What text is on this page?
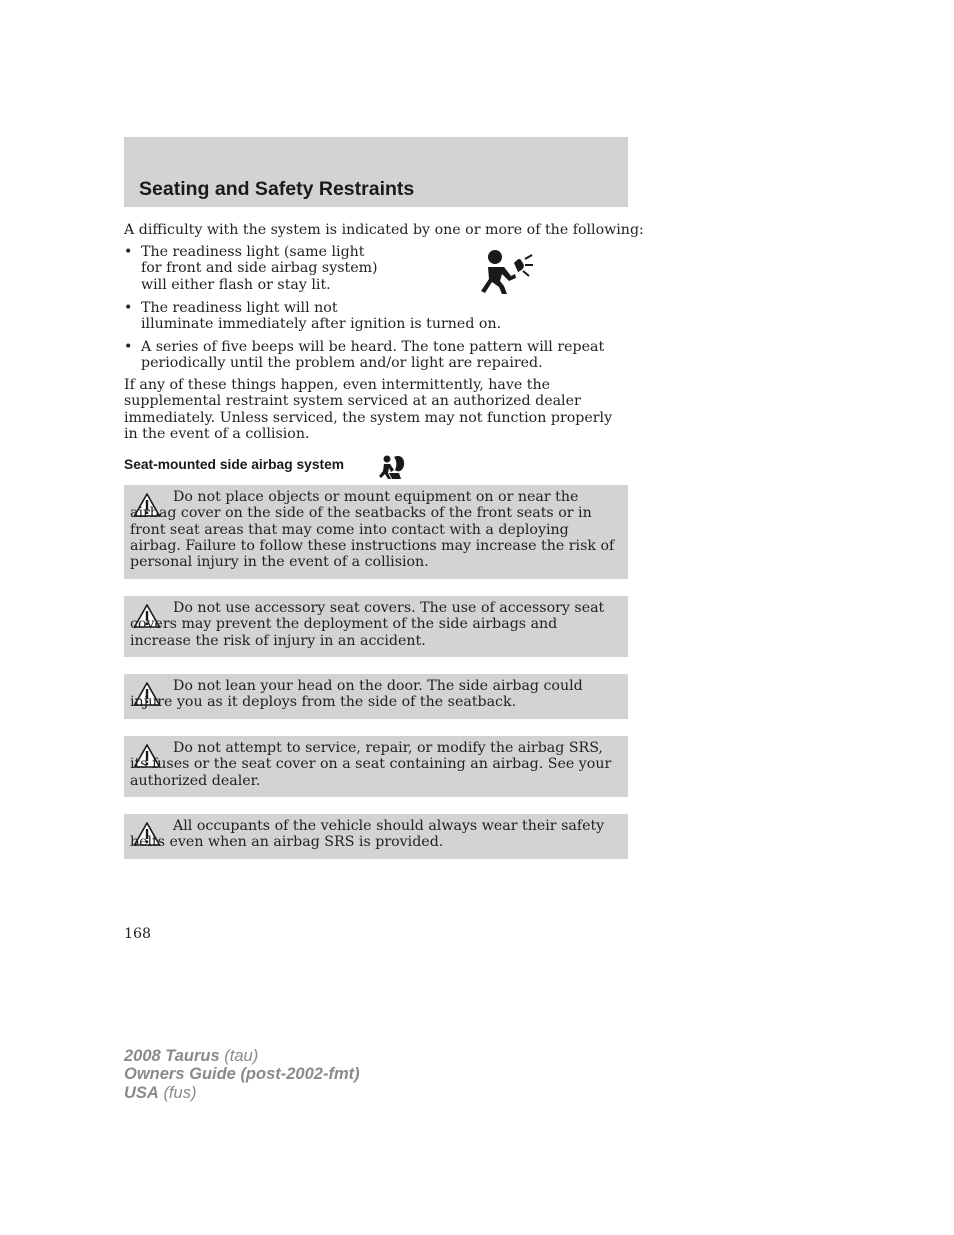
Seating and Safety Restraints
A difficulty with the system is indicated by one or more of the following:
• The readiness light (same light
for front and side airbag system)
will either flash or stay lit.
• The readiness light will not
illuminate immediately after ignition is turned on.
• A series of five beeps will be heard. The tone pattern will repeat
periodically until the problem and/or light are repaired.
If any of these things happen, even intermittently, have the supplemental restraint system serviced at an authorized dealer immediately. Unless serviced, the system may not function properly in the event of a collision.
Seat-mounted side airbag system
Do not place objects or mount equipment on or near the airbag cover on the side of the seatbacks of the front seats or in front seat areas that may come into contact with a deploying airbag. Failure to follow these instructions may increase the risk of personal injury in the event of a collision.
Do not use accessory seat covers. The use of accessory seat covers may prevent the deployment of the side airbags and increase the risk of injury in an accident.
Do not lean your head on the door. The side airbag could injure you as it deploys from the side of the seatback.
Do not attempt to service, repair, or modify the airbag SRS, its fuses or the seat cover on a seat containing an airbag. See your authorized dealer.
All occupants of the vehicle should always wear their safety belts even when an airbag SRS is provided.
168
2008 Taurus (tau)
Owners Guide (post-2002-fmt)
USA (fus)
